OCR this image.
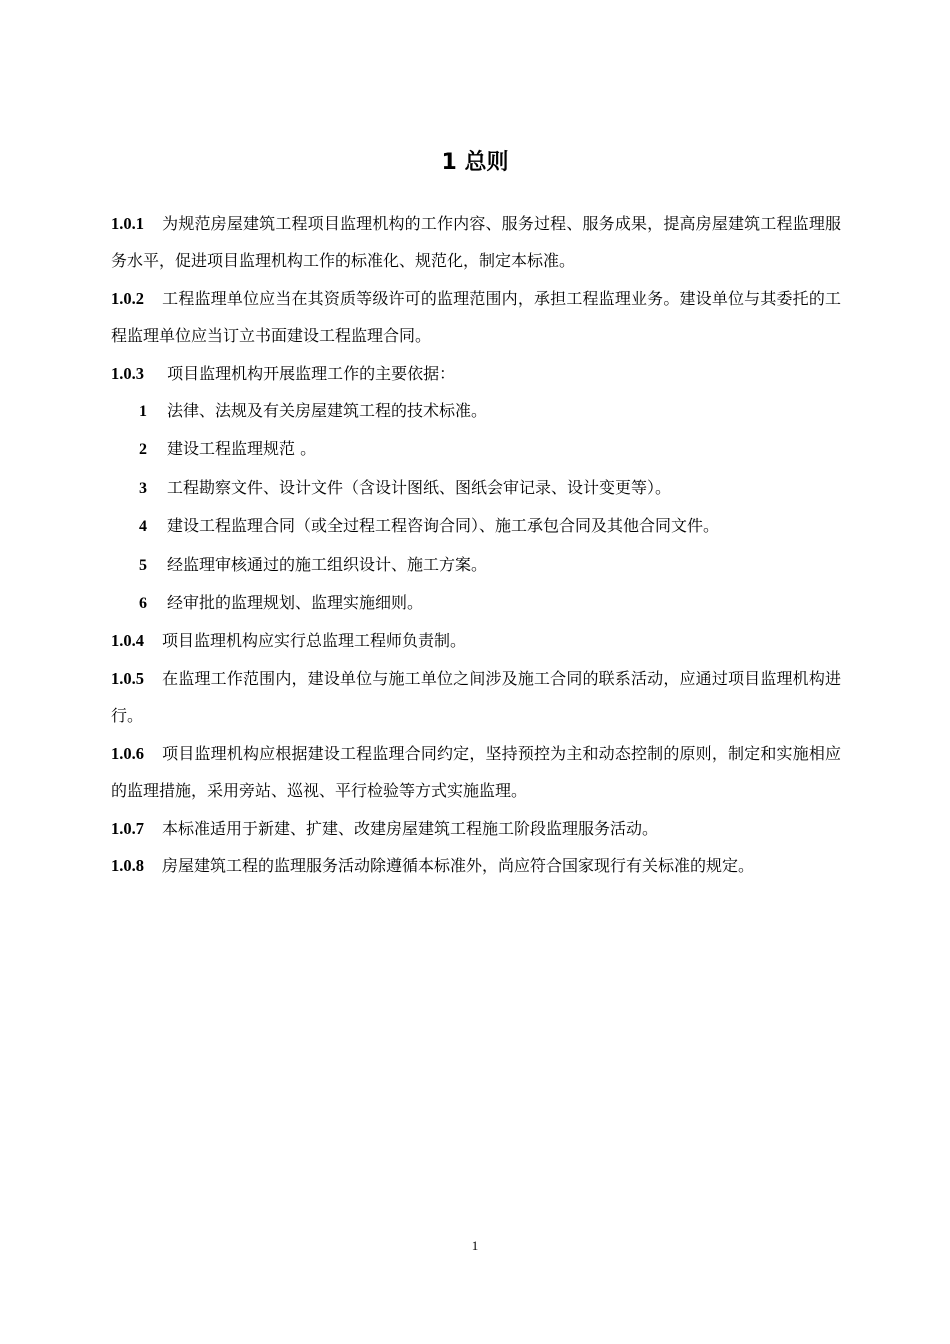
1 总则

1.0.1 为规范房屋建筑工程项目监理机构的工作内容、服务过程、服务成果，提高房屋建筑工程监理服务水平，促进项目监理机构工作的标准化、规范化，制定本标准。

1.0.2 工程监理单位应当在其资质等级许可的监理范围内，承担工程监理业务。建设单位与其委托的工程监理单位应当订立书面建设工程监理合同。

1.0.3 项目监理机构开展监理工作的主要依据：

1 法律、法规及有关房屋建筑工程的技术标准。

2 建设工程监理规范 。

3 工程勘察文件、设计文件（含设计图纸、图纸会审记录、设计变更等）。

4 建设工程监理合同（或全过程工程咨询合同）、施工承包合同及其他合同文件。

5 经监理审核通过的施工组织设计、施工方案。

6 经审批的监理规划、监理实施细则。

1.0.4 项目监理机构应实行总监理工程师负责制。

1.0.5 在监理工作范围内，建设单位与施工单位之间涉及施工合同的联系活动，应通过项目监理机构进行。

1.0.6 项目监理机构应根据建设工程监理合同约定，坚持预控为主和动态控制的原则，制定和实施相应的监理措施，采用旁站、巡视、平行检验等方式实施监理。

1.0.7 本标准适用于新建、扩建、改建房屋建筑工程施工阶段监理服务活动。

1.0.8 房屋建筑工程的监理服务活动除遵循本标准外，尚应符合国家现行有关标准的规定。

1
